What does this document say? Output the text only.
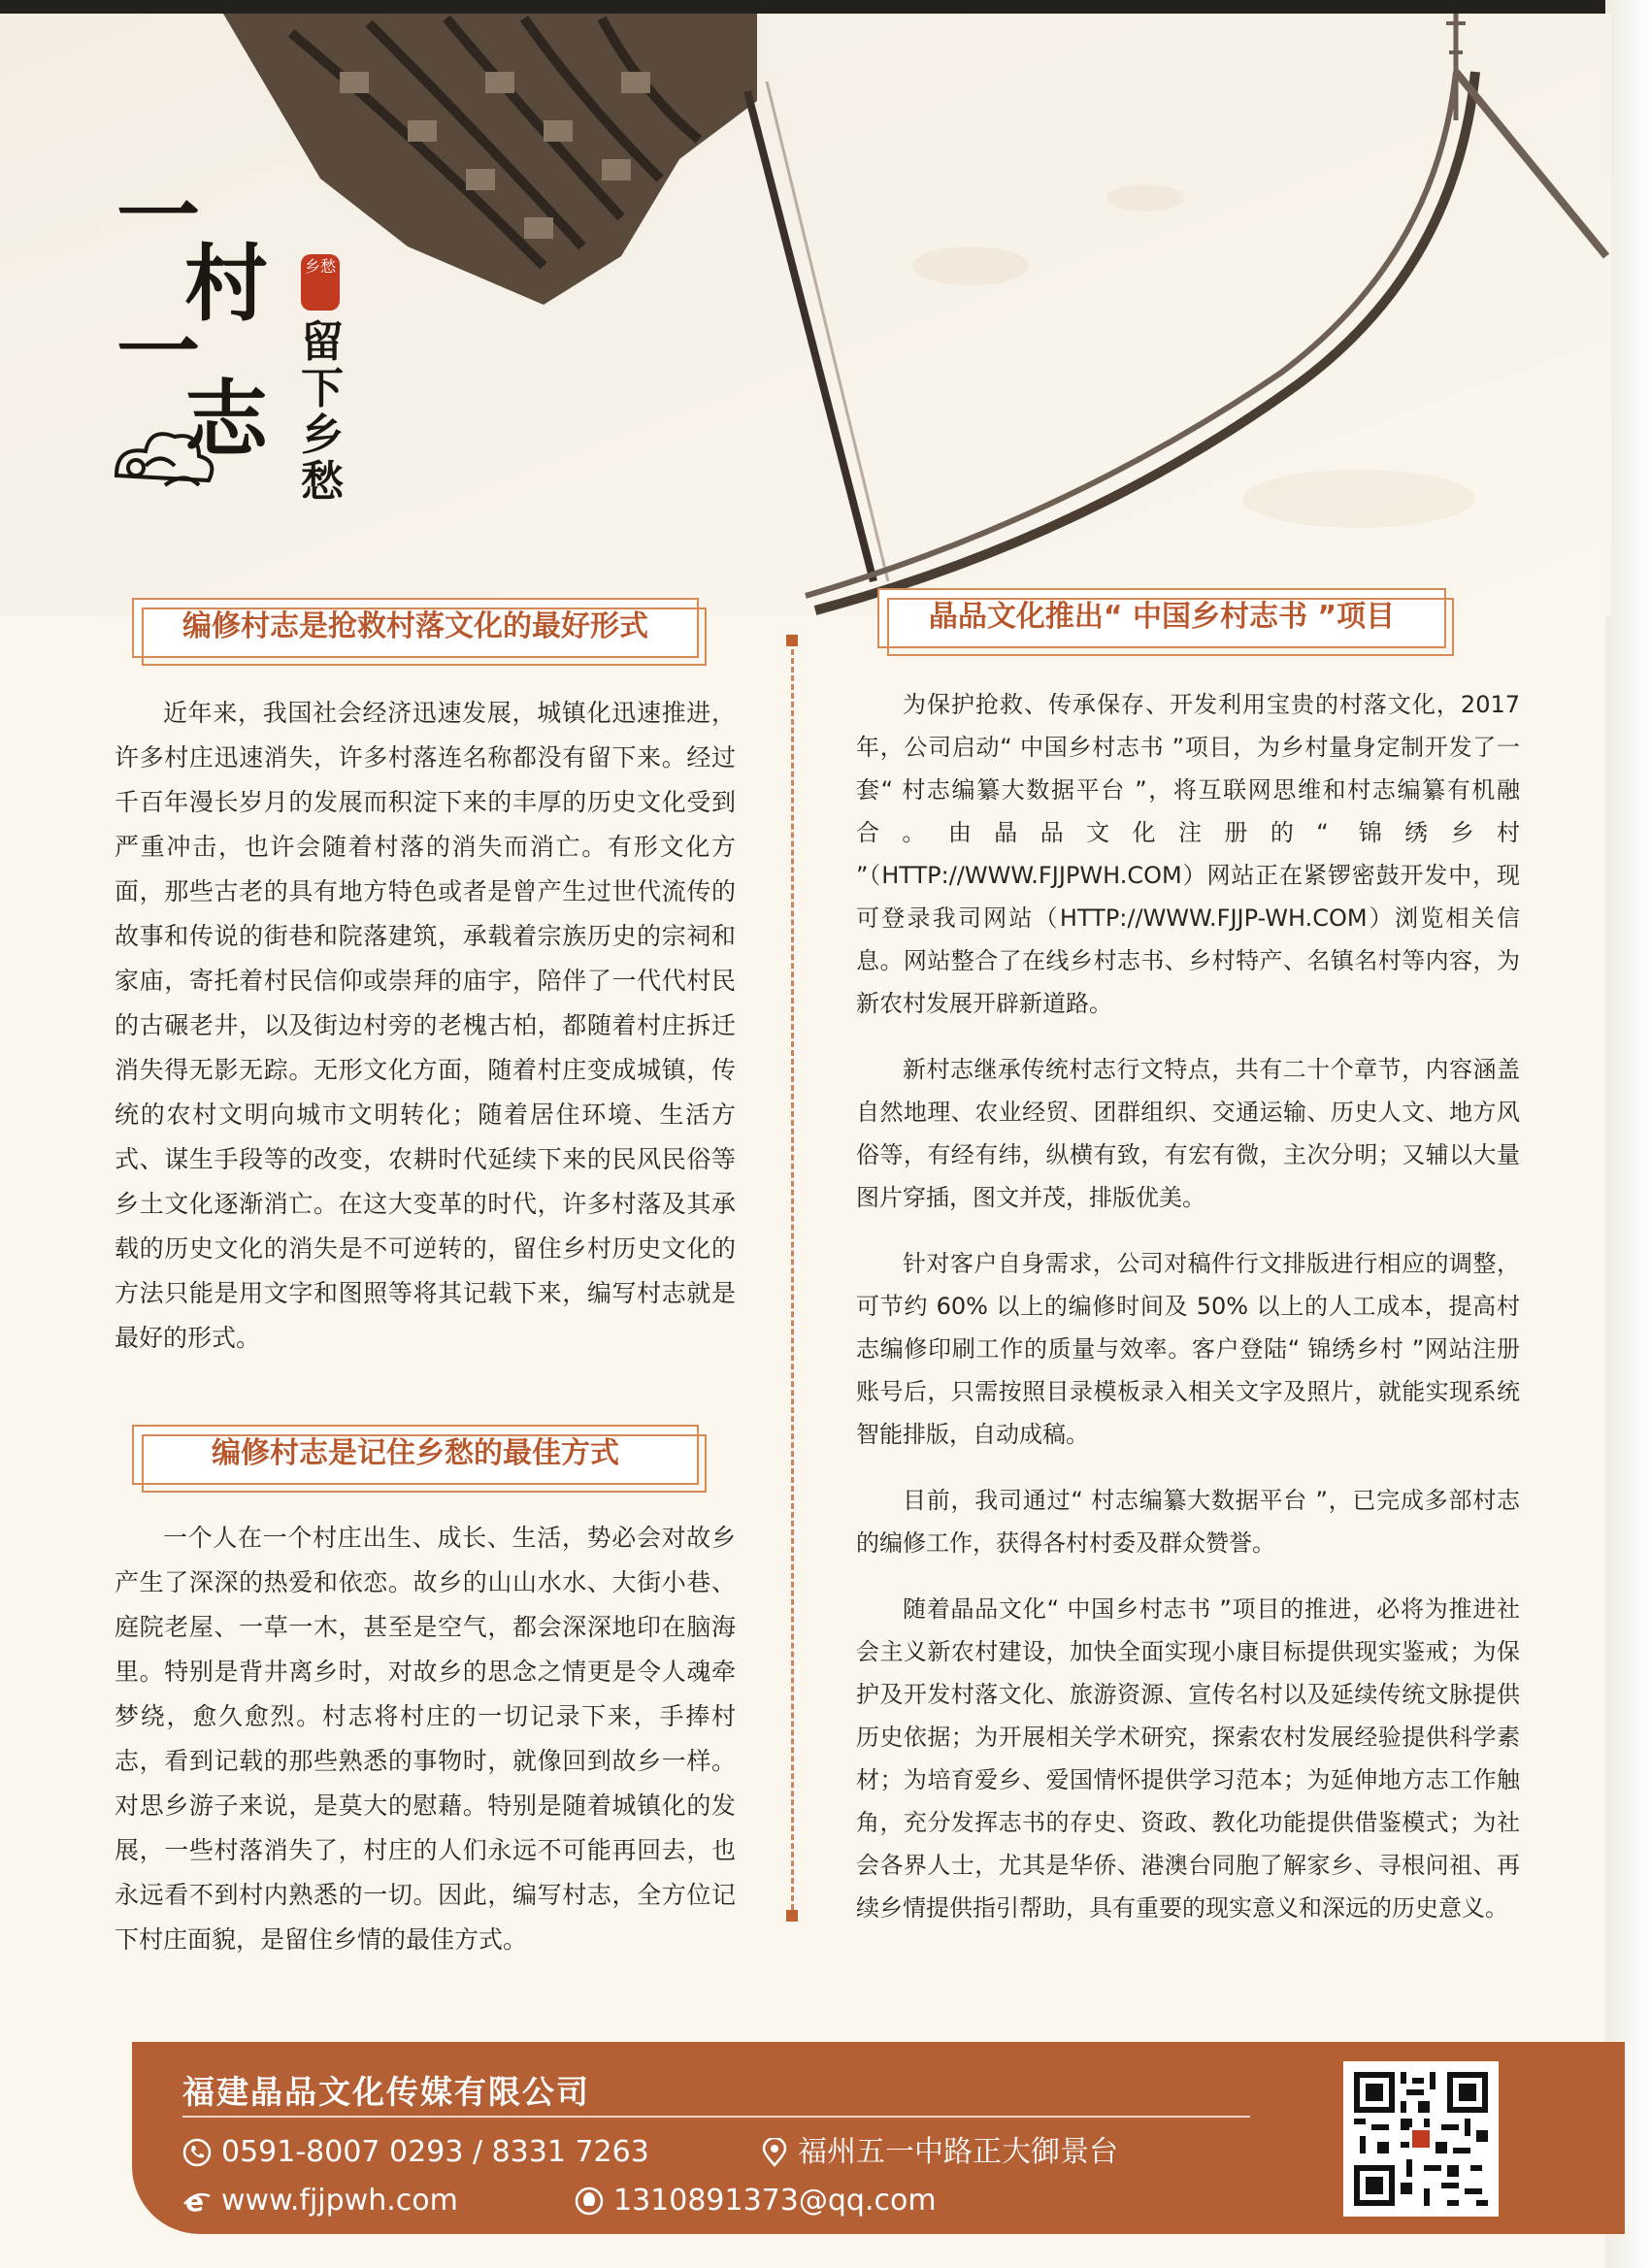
一
村
一
志
留
下
乡
愁
乡愁
编修村志是抢救村落文化的最好形式

近年来，我国社会经济迅速发展，城镇化迅速推进，许多村庄迅速消失，许多村落连名称都没有留下来。经过千百年漫长岁月的发展而积淀下来的丰厚的历史文化受到严重冲击，也许会随着村落的消失而消亡。有形文化方面，那些古老的具有地方特色或者是曾产生过世代流传的故事和传说的街巷和院落建筑，承载着宗族历史的宗祠和家庙，寄托着村民信仰或崇拜的庙宇，陪伴了一代代村民的古碾老井，以及街边村旁的老槐古柏，都随着村庄拆迁消失得无影无踪。无形文化方面，随着村庄变成城镇，传统的农村文明向城市文明转化；随着居住环境、生活方式、谋生手段等的改变，农耕时代延续下来的民风民俗等乡土文化逐渐消亡。在这大变革的时代，许多村落及其承载的历史文化的消失是不可逆转的，留住乡村历史文化的方法只能是用文字和图照等将其记载下来，编写村志就是最好的形式。

编修村志是记住乡愁的最佳方式

一个人在一个村庄出生、成长、生活，势必会对故乡产生了深深的热爱和依恋。故乡的山山水水、大街小巷、庭院老屋、一草一木，甚至是空气，都会深深地印在脑海里。特别是背井离乡时，对故乡的思念之情更是令人魂牵梦绕，愈久愈烈。村志将村庄的一切记录下来，手捧村志，看到记载的那些熟悉的事物时，就像回到故乡一样。对思乡游子来说，是莫大的慰藉。特别是随着城镇化的发展，一些村落消失了，村庄的人们永远不可能再回去，也永远看不到村内熟悉的一切。因此，编写村志，全方位记下村庄面貌，是留住乡情的最佳方式。

晶品文化推出“ 中国乡村志书 ”项目

为保护抢救、传承保存、开发利用宝贵的村落文化，2017 年，公司启动“ 中国乡村志书 ”项目，为乡村量身定制开发了一套“ 村志编纂大数据平台 ”，将互联网思维和村志编纂有机融合。由晶品文化注册的“ 锦绣乡村 ”（HTTP://WWW.FJJPWH.COM）网站正在紧锣密鼓开发中，现可登录我司网站（HTTP://WWW.FJJP-WH.COM）浏览相关信息。网站整合了在线乡村志书、乡村特产、名镇名村等内容，为新农村发展开辟新道路。

新村志继承传统村志行文特点，共有二十个章节，内容涵盖自然地理、农业经贸、团群组织、交通运输、历史人文、地方风俗等，有经有纬，纵横有致，有宏有微，主次分明；又辅以大量图片穿插，图文并茂，排版优美。

针对客户自身需求，公司对稿件行文排版进行相应的调整，可节约 60% 以上的编修时间及 50% 以上的人工成本，提高村志编修印刷工作的质量与效率。客户登陆“ 锦绣乡村 ”网站注册账号后，只需按照目录模板录入相关文字及照片，就能实现系统智能排版，自动成稿。

目前，我司通过“ 村志编纂大数据平台 ”，已完成多部村志的编修工作，获得各村村委及群众赞誉。

随着晶品文化“ 中国乡村志书 ”项目的推进，必将为推进社会主义新农村建设，加快全面实现小康目标提供现实鉴戒；为保护及开发村落文化、旅游资源、宣传名村以及延续传统文脉提供历史依据；为开展相关学术研究，探索农村发展经验提供科学素材；为培育爱乡、爱国情怀提供学习范本；为延伸地方志工作触角，充分发挥志书的存史、资政、教化功能提供借鉴模式；为社会各界人士，尤其是华侨、港澳台同胞了解家乡、寻根问祖、再续乡情提供指引帮助，具有重要的现实意义和深远的历史意义。

福建晶品文化传媒有限公司
0591-8007 0293 / 8331 7263	福州五一中路正大御景台
e www.fjjpwh.com	1310891373@qq.com
